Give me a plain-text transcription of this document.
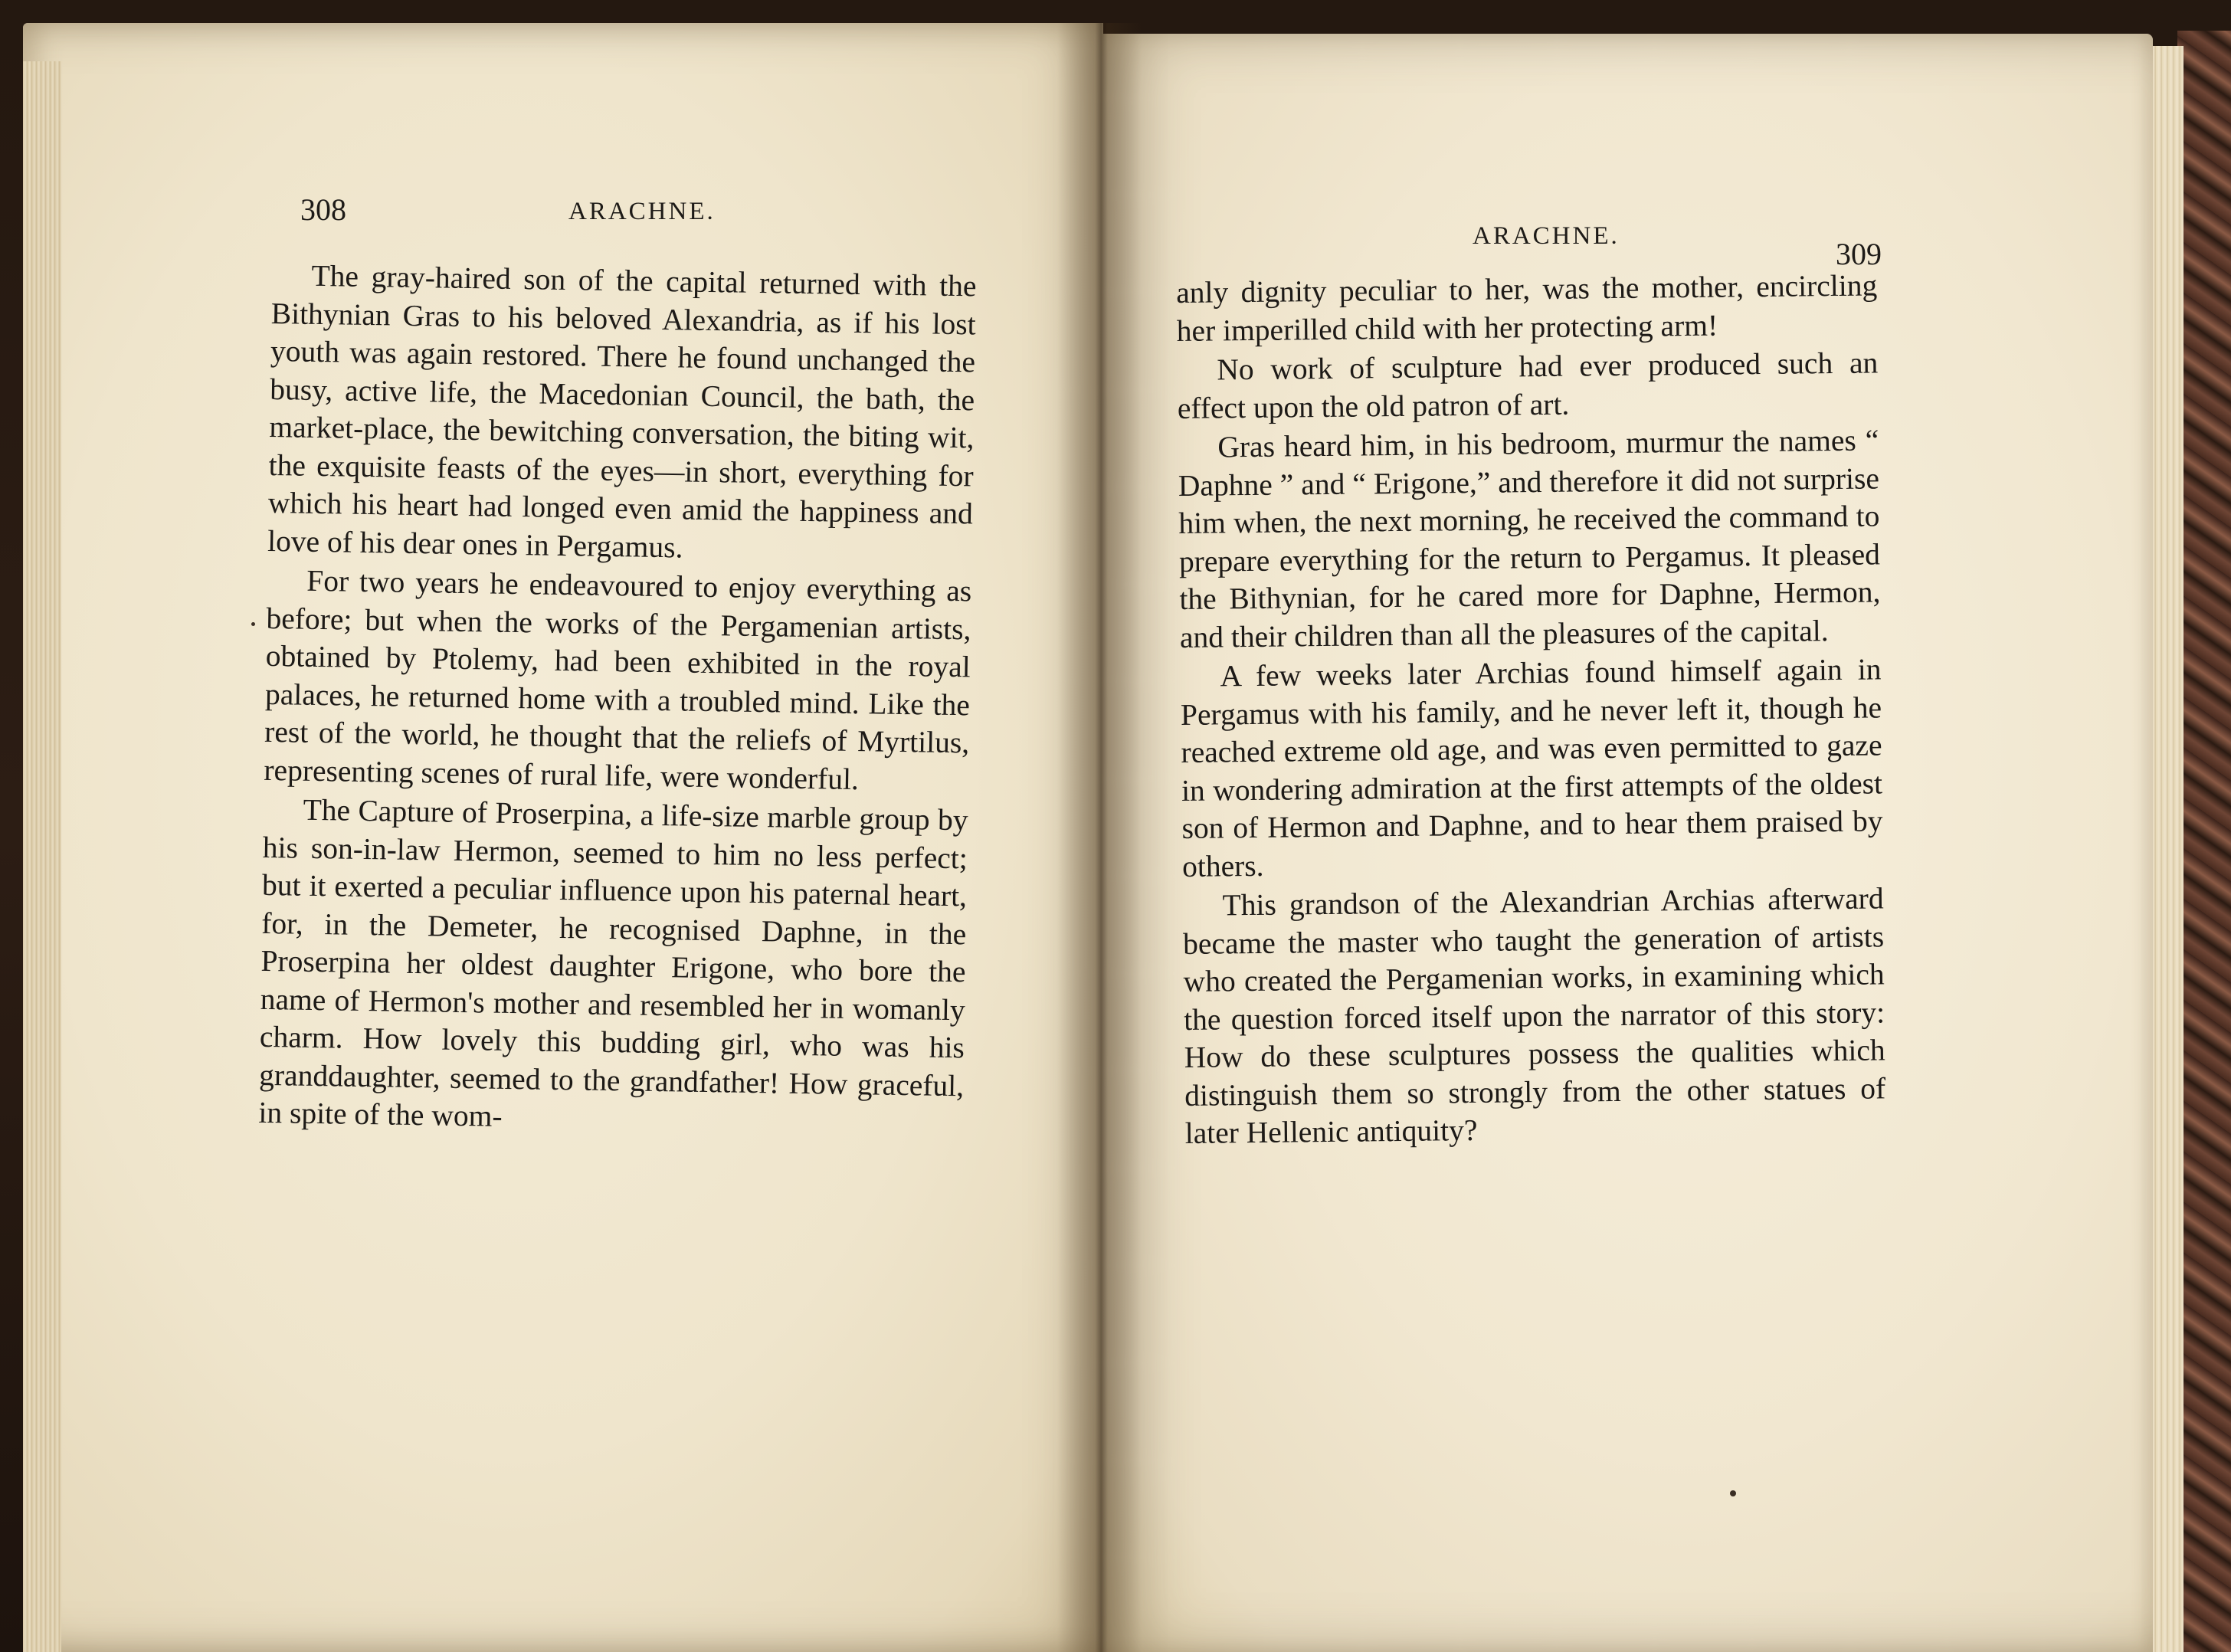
308	ARACHNE.

The gray-haired son of the capital returned with the Bithynian Gras to his beloved Alexandria, as if his lost youth was again restored. There he found unchanged the busy, active life, the Macedonian Council, the bath, the market-place, the bewitching conversation, the biting wit, the exquisite feasts of the eyes—in short, everything for which his heart had longed even amid the happiness and love of his dear ones in Pergamus.

For two years he endeavoured to enjoy everything as before; but when the works of the Pergamenian artists, obtained by Ptolemy, had been exhibited in the royal palaces, he returned home with a troubled mind. Like the rest of the world, he thought that the reliefs of Myrtilus, representing scenes of rural life, were wonderful.

The Capture of Proserpina, a life-size marble group by his son-in-law Hermon, seemed to him no less perfect; but it exerted a peculiar influence upon his paternal heart, for, in the Demeter, he recognised Daphne, in the Proserpina her oldest daughter Erigone, who bore the name of Hermon's mother and resembled her in womanly charm. How lovely this budding girl, who was his granddaughter, seemed to the grandfather! How graceful, in spite of the wom-

ARACHNE.
309

anly dignity peculiar to her, was the mother, encircling her imperilled child with her protecting arm!

No work of sculpture had ever produced such an effect upon the old patron of art.

Gras heard him, in his bedroom, murmur the names “ Daphne ” and “ Erigone,” and therefore it did not surprise him when, the next morning, he received the command to prepare everything for the return to Pergamus. It pleased the Bithynian, for he cared more for Daphne, Hermon, and their children than all the pleasures of the capital.

A few weeks later Archias found himself again in Pergamus with his family, and he never left it, though he reached extreme old age, and was even permitted to gaze in wondering admiration at the first attempts of the oldest son of Hermon and Daphne, and to hear them praised by others.

This grandson of the Alexandrian Archias afterward became the master who taught the generation of artists who created the Pergamenian works, in examining which the question forced itself upon the narrator of this story: How do these sculptures possess the qualities which distinguish them so strongly from the other statues of later Hellenic antiquity?
